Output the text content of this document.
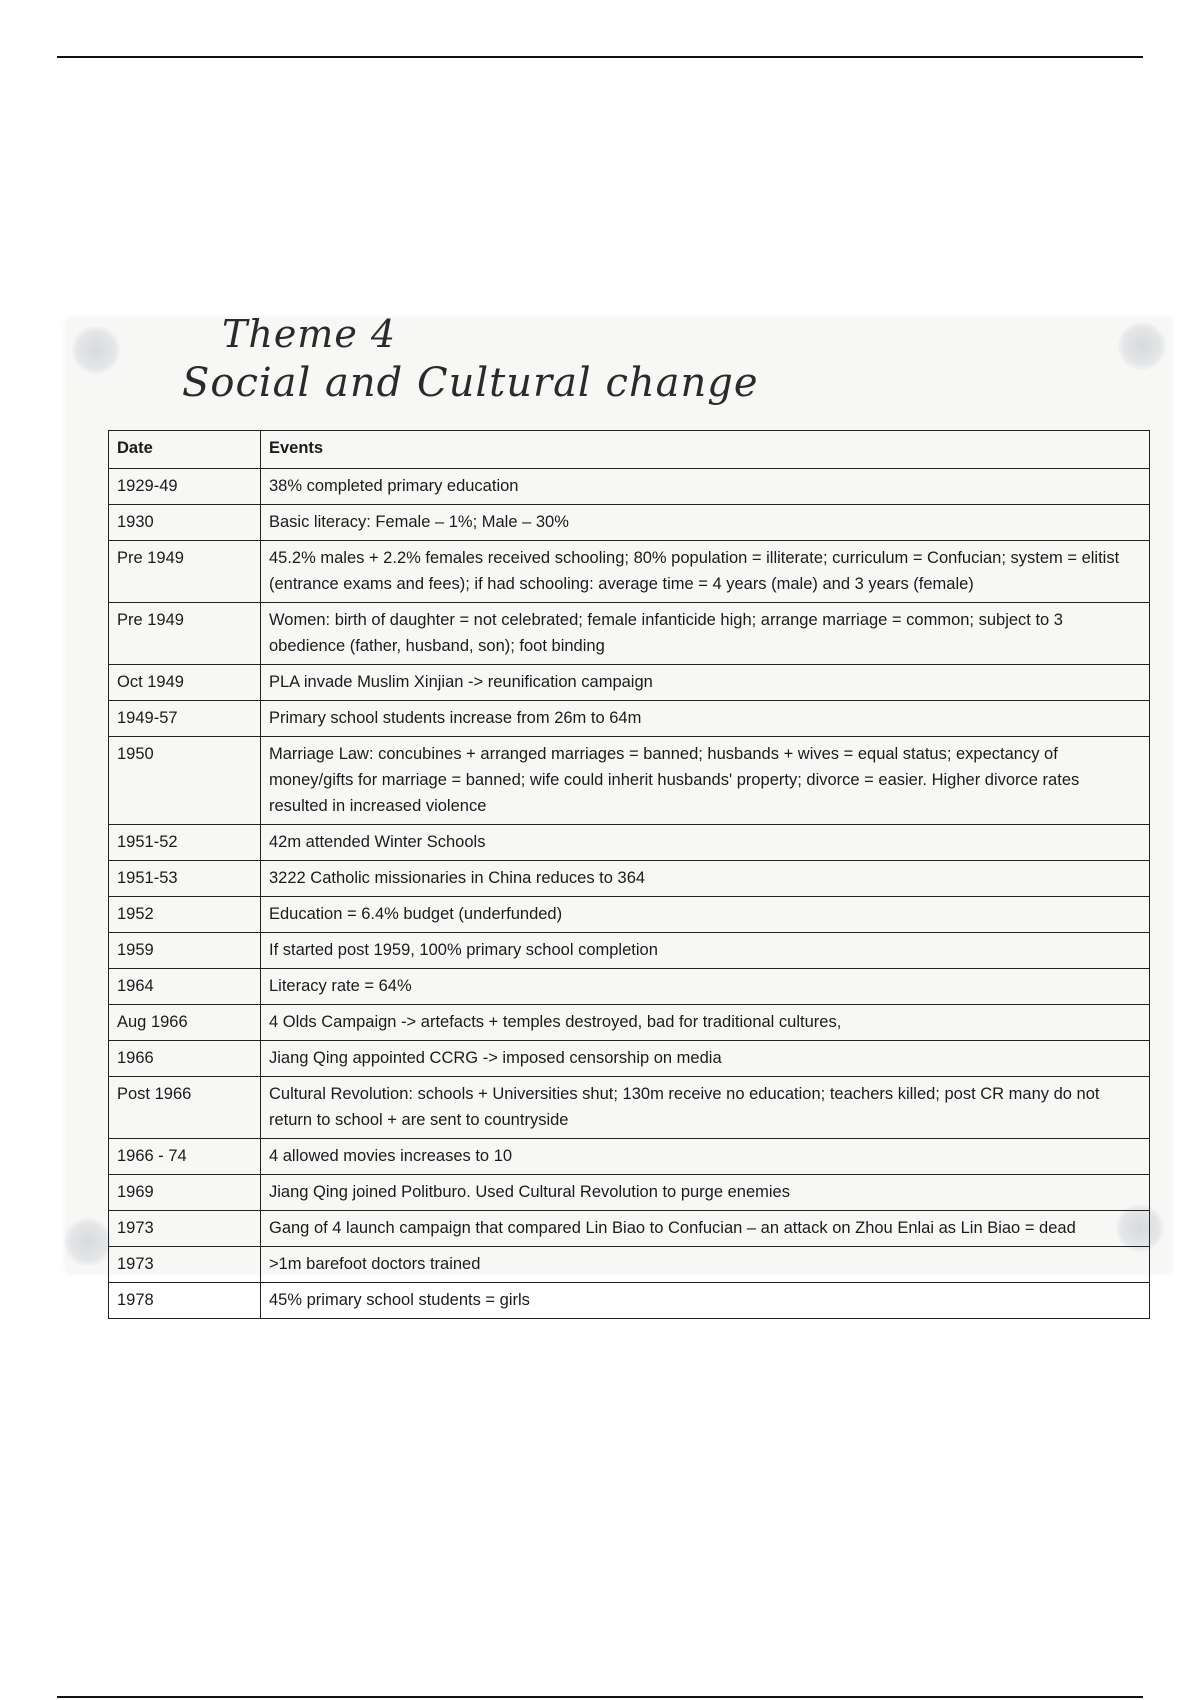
Theme 4
Social and Cultural change
Date	Events
1929-49	38% completed primary education
1930	Basic literacy: Female – 1%; Male – 30%
Pre 1949	45.2% males + 2.2% females received schooling; 80% population = illiterate; curriculum = Confucian; system = elitist (entrance exams and fees); if had schooling: average time = 4 years (male) and 3 years (female)
Pre 1949	Women: birth of daughter = not celebrated; female infanticide high; arrange marriage = common; subject to 3 obedience (father, husband, son); foot binding
Oct 1949	PLA invade Muslim Xinjian -> reunification campaign
1949-57	Primary school students increase from 26m to 64m
1950	Marriage Law: concubines + arranged marriages = banned; husbands + wives = equal status; expectancy of money/gifts for marriage = banned; wife could inherit husbands' property; divorce = easier. Higher divorce rates resulted in increased violence
1951-52	42m attended Winter Schools
1951-53	3222 Catholic missionaries in China reduces to 364
1952	Education = 6.4% budget (underfunded)
1959	If started post 1959, 100% primary school completion
1964	Literacy rate = 64%
Aug 1966	4 Olds Campaign -> artefacts + temples destroyed, bad for traditional cultures,
1966	Jiang Qing appointed CCRG -> imposed censorship on media
Post 1966	Cultural Revolution: schools + Universities shut; 130m receive no education; teachers killed; post CR many do not return to school + are sent to countryside
1966 - 74	4 allowed movies increases to 10
1969	Jiang Qing joined Politburo. Used Cultural Revolution to purge enemies
1973	Gang of 4 launch campaign that compared Lin Biao to Confucian – an attack on Zhou Enlai as Lin Biao = dead
1973	>1m barefoot doctors trained
1978	45% primary school students = girls
